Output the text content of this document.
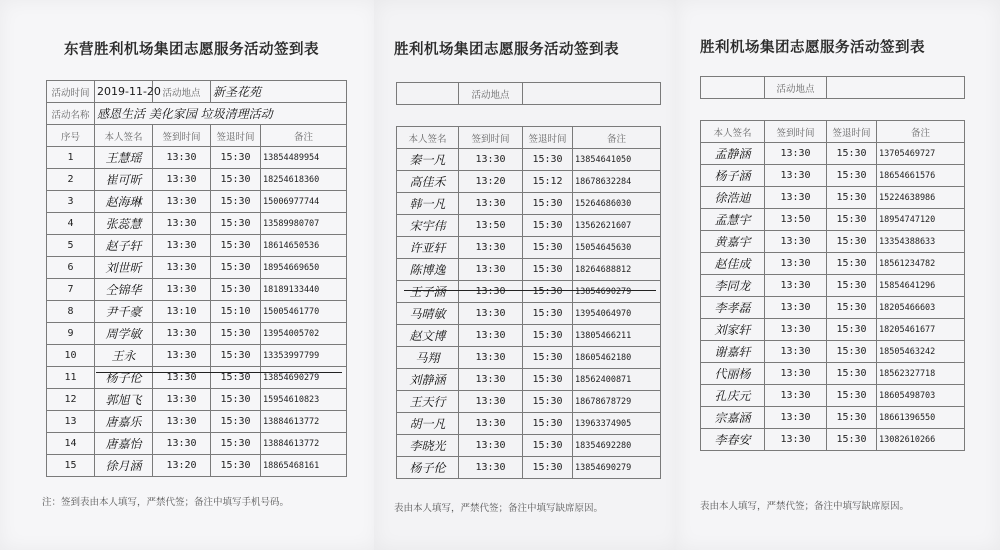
东营胜利机场集团志愿服务活动签到表
活动时间	2019-11-20	活动地点	新圣花苑	
活动名称	感恩生活 美化家园 垃圾清理活动			
序号	本人签名	签到时间	签退时间	备注
1	王慧瑶	13:30	15:30	13854489954
2	崔可昕	13:30	15:30	18254618360
3	赵海琳	13:30	15:30	15006977744
4	张蕊慧	13:30	15:30	13589980707
5	赵子轩	13:30	15:30	18614650536
6	刘世昕	13:30	15:30	18954669650
7	仝锦华	13:30	15:30	18189133440
8	尹千豪	13:10	15:10	15005461770
9	周学敏	13:30	15:30	13954005702
10	王永	13:30	15:30	13353997799
11	杨子伦	13:30	15:30	13854690279
12	郭旭飞	13:30	15:30	15954610823
13	唐嘉乐	13:30	15:30	13884613772
14	唐嘉怡	13:30	15:30	13884613772
15	徐月涵	13:20	15:30	18865468161
注：签到表由本人填写，严禁代签；备注中填写手机号码。
胜利机场集团志愿服务活动签到表
	活动地点		

本人签名	签到时间	签退时间	备注
秦一凡	13:30	15:30	13854641050
高佳禾	13:20	15:12	18678632284
韩一凡	13:30	15:30	15264686030
宋宇伟	13:50	15:30	13562621607
许亚轩	13:30	15:30	15054645630
陈博逸	13:30	15:30	18264688812
王子涵	13:30	15:30	13854690279
马晴敏	13:30	15:30	13954064970
赵文博	13:30	15:30	13805466211
马翔	13:30	15:30	18605462180
刘静涵	13:30	15:30	18562400871
王天行	13:30	15:30	18678678729
胡一凡	13:30	15:30	13963374905
李晓光	13:30	15:30	18354692280
杨子伦	13:30	15:30	13854690279
表由本人填写，严禁代签；备注中填写缺席原因。
胜利机场集团志愿服务活动签到表
	活动地点		

本人签名	签到时间	签退时间	备注
孟静涵	13:30	15:30	13705469727
杨子涵	13:30	15:30	18654661576
徐浩迪	13:30	15:30	15224638986
孟慧宇	13:50	15:30	18954747120
黄嘉宇	13:30	15:30	13354388633
赵佳成	13:30	15:30	18561234782
李同龙	13:30	15:30	15854641296
李孝磊	13:30	15:30	18205466603
刘家轩	13:30	15:30	18205461677
谢嘉轩	13:30	15:30	18505463242
代丽杨	13:30	15:30	18562327718
孔庆元	13:30	15:30	18605498703
宗嘉涵	13:30	15:30	18661396550
李春安	13:30	15:30	13082610266
表由本人填写，严禁代签；备注中填写缺席原因。
